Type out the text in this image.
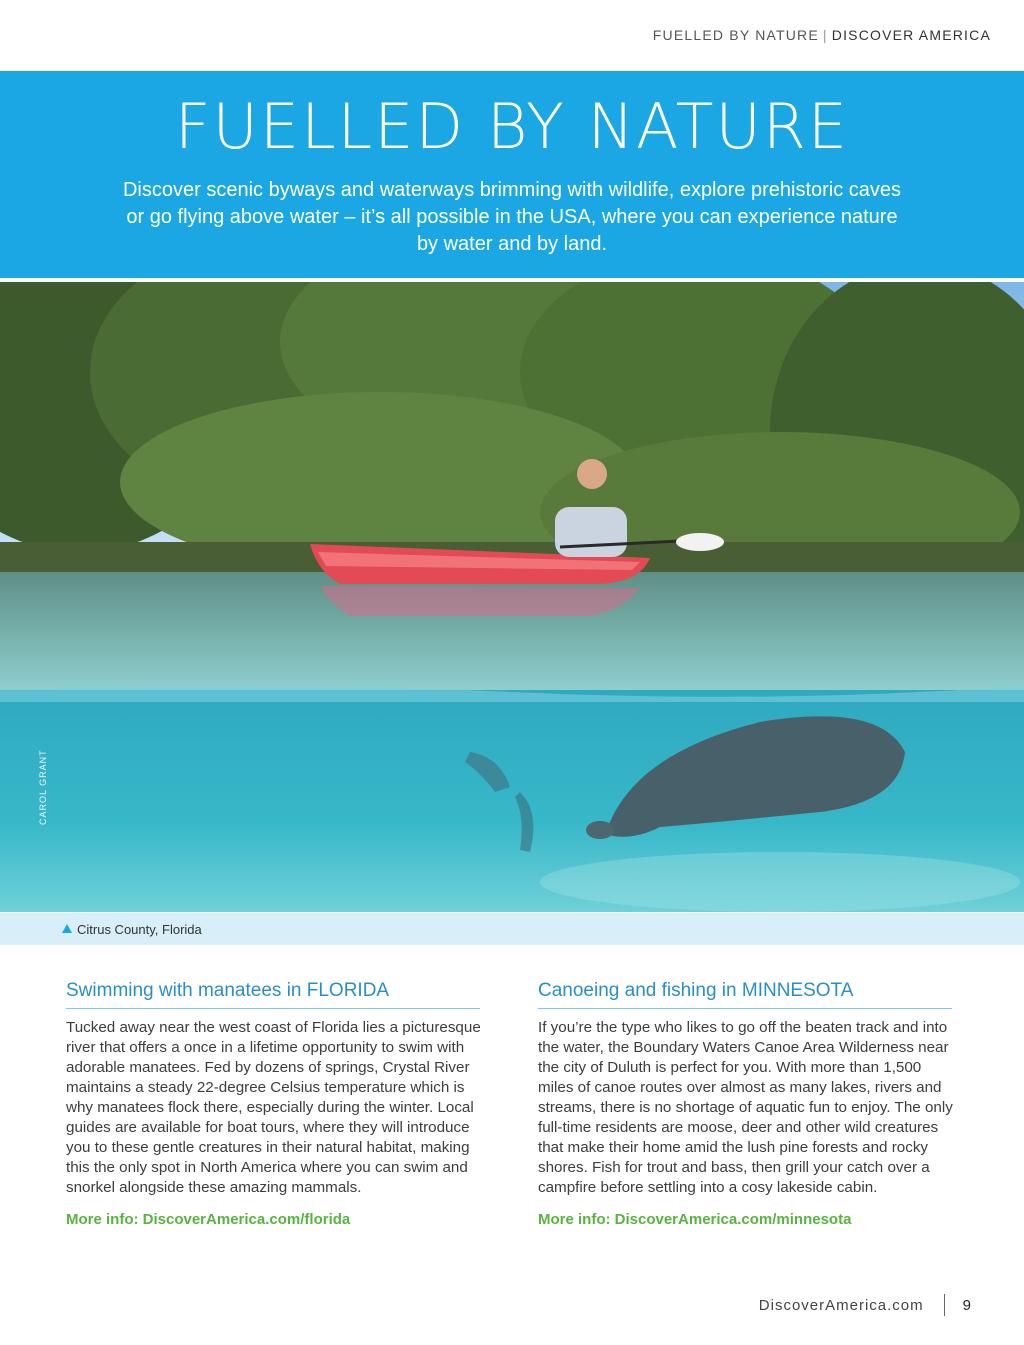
FUELLED BY NATURE | DISCOVER AMERICA
FUELLED BY NATURE

Discover scenic byways and waterways brimming with wildlife, explore prehistoric caves or go flying above water – it’s all possible in the USA, where you can experience nature by water and by land.

CAROL GRANT
Citrus County, Florida
Swimming with manatees in FLORIDA
Tucked away near the west coast of Florida lies a picturesque river that offers a once in a lifetime opportunity to swim with adorable manatees. Fed by dozens of springs, Crystal River maintains a steady 22-degree Celsius temperature which is why manatees flock there, especially during the winter. Local guides are available for boat tours, where they will introduce you to these gentle creatures in their natural habitat, making this the only spot in North America where you can swim and snorkel alongside these amazing mammals.
More info: DiscoverAmerica.com/florida
Canoeing and fishing in MINNESOTA
If you’re the type who likes to go off the beaten track and into the water, the Boundary Waters Canoe Area Wilderness near the city of Duluth is perfect for you. With more than 1,500 miles of canoe routes over almost as many lakes, rivers and streams, there is no shortage of aquatic fun to enjoy. The only full-time residents are moose, deer and other wild creatures that make their home amid the lush pine forests and rocky shores. Fish for trout and bass, then grill your catch over a campfire before settling into a cosy lakeside cabin.
More info: DiscoverAmerica.com/minnesota
DiscoverAmerica.com	9
